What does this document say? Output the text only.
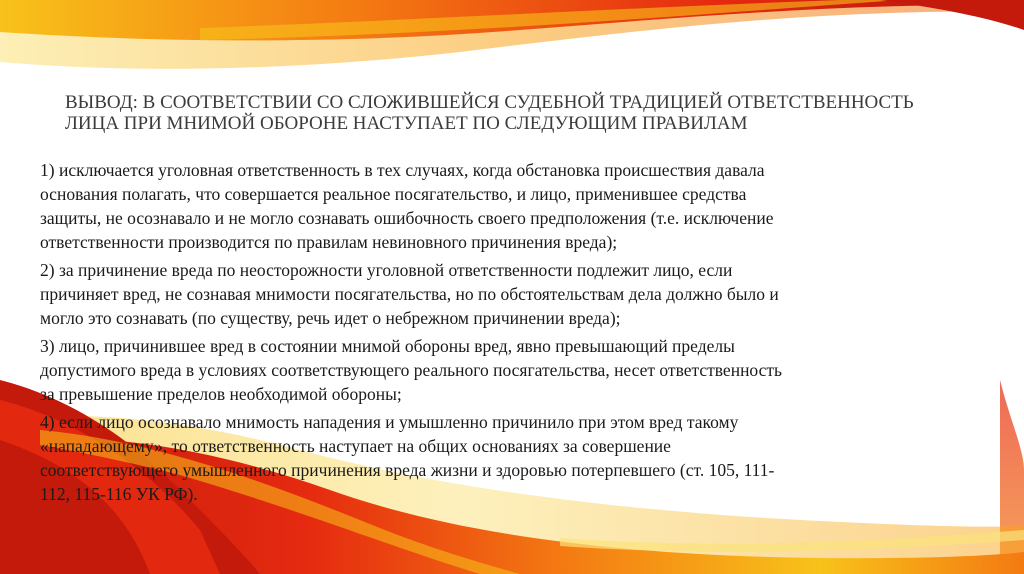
ВЫВОД: В СООТВЕТСТВИИ СО СЛОЖИВШЕЙСЯ СУДЕБНОЙ ТРАДИЦИЕЙ ОТВЕТСТВЕННОСТЬ
ЛИЦА ПРИ МНИМОЙ ОБОРОНЕ НАСТУПАЕТ ПО СЛЕДУЮЩИМ ПРАВИЛАМ
1) исключается уголовная ответственность в тех случаях, когда обстановка происшествия давала
основания полагать, что совершается реальное посягательство, и лицо, применившее средства
защиты, не осознавало и не могло сознавать ошибочность своего предположения (т.е. исключение
ответственности производится по правилам невиновного причинения вреда);
2) за причинение вреда по неосторожности уголовной ответственности подлежит лицо, если
причиняет вред, не сознавая мнимости посягательства, но по обстоятельствам дела должно было и
могло это сознавать (по существу, речь идет о небрежном причинении вреда);
3) лицо, причинившее вред в состоянии мнимой обороны вред, явно превышающий пределы
допустимого вреда в условиях соответствующего реального посягательства, несет ответственность
за превышение пределов необходимой обороны;
4) если лицо осознавало мнимость нападения и умышленно причинило при этом вред такому
«нападающему», то ответственность наступает на общих основаниях за совершение
соответствующего умышленного причинения вреда жизни и здоровью потерпевшего (ст. 105, 111-
112, 115-116 УК РФ).
